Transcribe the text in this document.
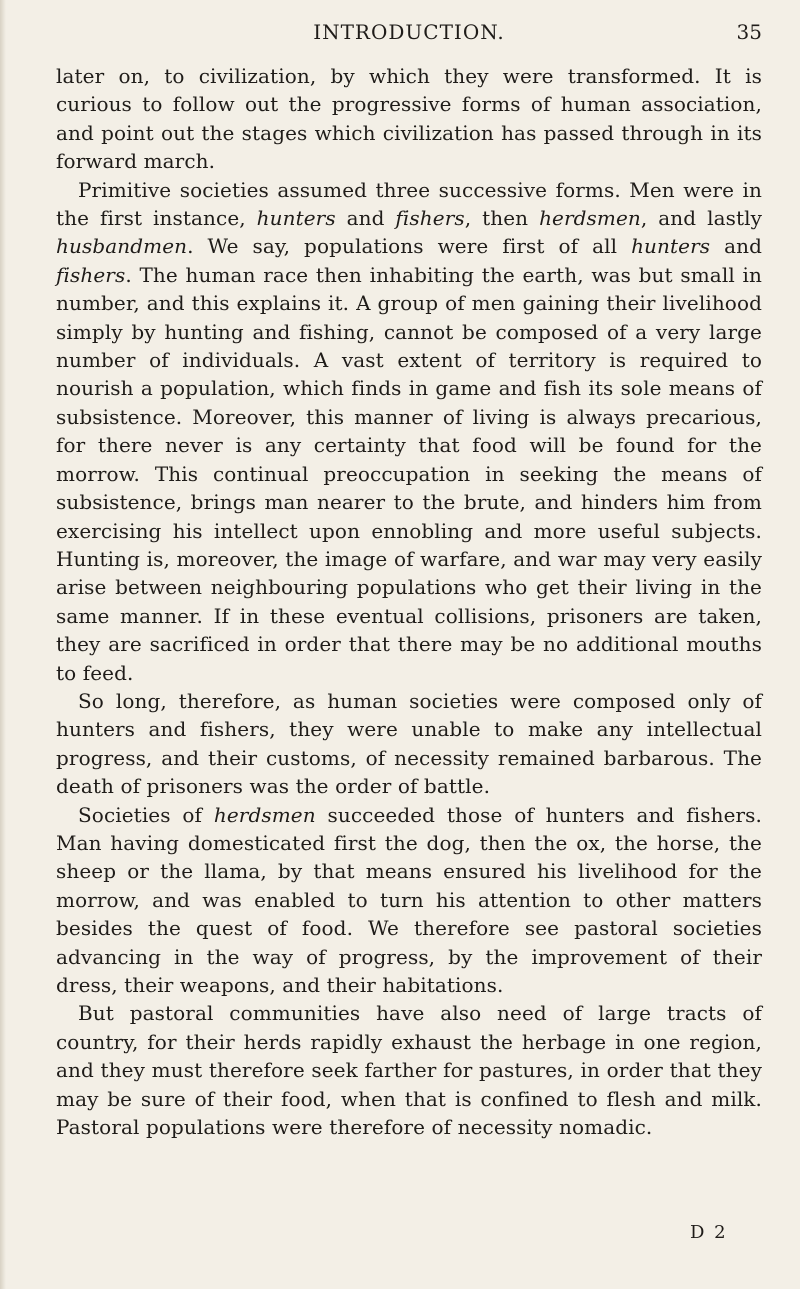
INTRODUCTION.	35

later on, to civilization, by which they were transformed. It is curious to follow out the progressive forms of human association, and point out the stages which civilization has passed through in its forward march.

Primitive societies assumed three successive forms. Men were in the first instance, hunters and fishers, then herdsmen, and lastly husbandmen. We say, populations were first of all hunters and fishers. The human race then inhabiting the earth, was but small in number, and this explains it. A group of men gaining their livelihood simply by hunting and fishing, cannot be composed of a very large number of individuals. A vast extent of territory is required to nourish a population, which finds in game and fish its sole means of subsistence. Moreover, this manner of living is always precarious, for there never is any certainty that food will be found for the morrow. This continual preoccupation in seeking the means of subsistence, brings man nearer to the brute, and hinders him from exercising his intellect upon ennobling and more useful subjects. Hunting is, moreover, the image of warfare, and war may very easily arise between neighbouring populations who get their living in the same manner. If in these eventual collisions, prisoners are taken, they are sacrificed in order that there may be no additional mouths to feed.

So long, therefore, as human societies were composed only of hunters and fishers, they were unable to make any intellectual progress, and their customs, of necessity remained barbarous. The death of prisoners was the order of battle.

Societies of herdsmen succeeded those of hunters and fishers. Man having domesticated first the dog, then the ox, the horse, the sheep or the llama, by that means ensured his livelihood for the morrow, and was enabled to turn his attention to other matters besides the quest of food. We therefore see pastoral societies advancing in the way of progress, by the improvement of their dress, their weapons, and their habitations.

But pastoral communities have also need of large tracts of country, for their herds rapidly exhaust the herbage in one region, and they must therefore seek farther for pastures, in order that they may be sure of their food, when that is confined to flesh and milk. Pastoral populations were therefore of necessity nomadic.

D 2
